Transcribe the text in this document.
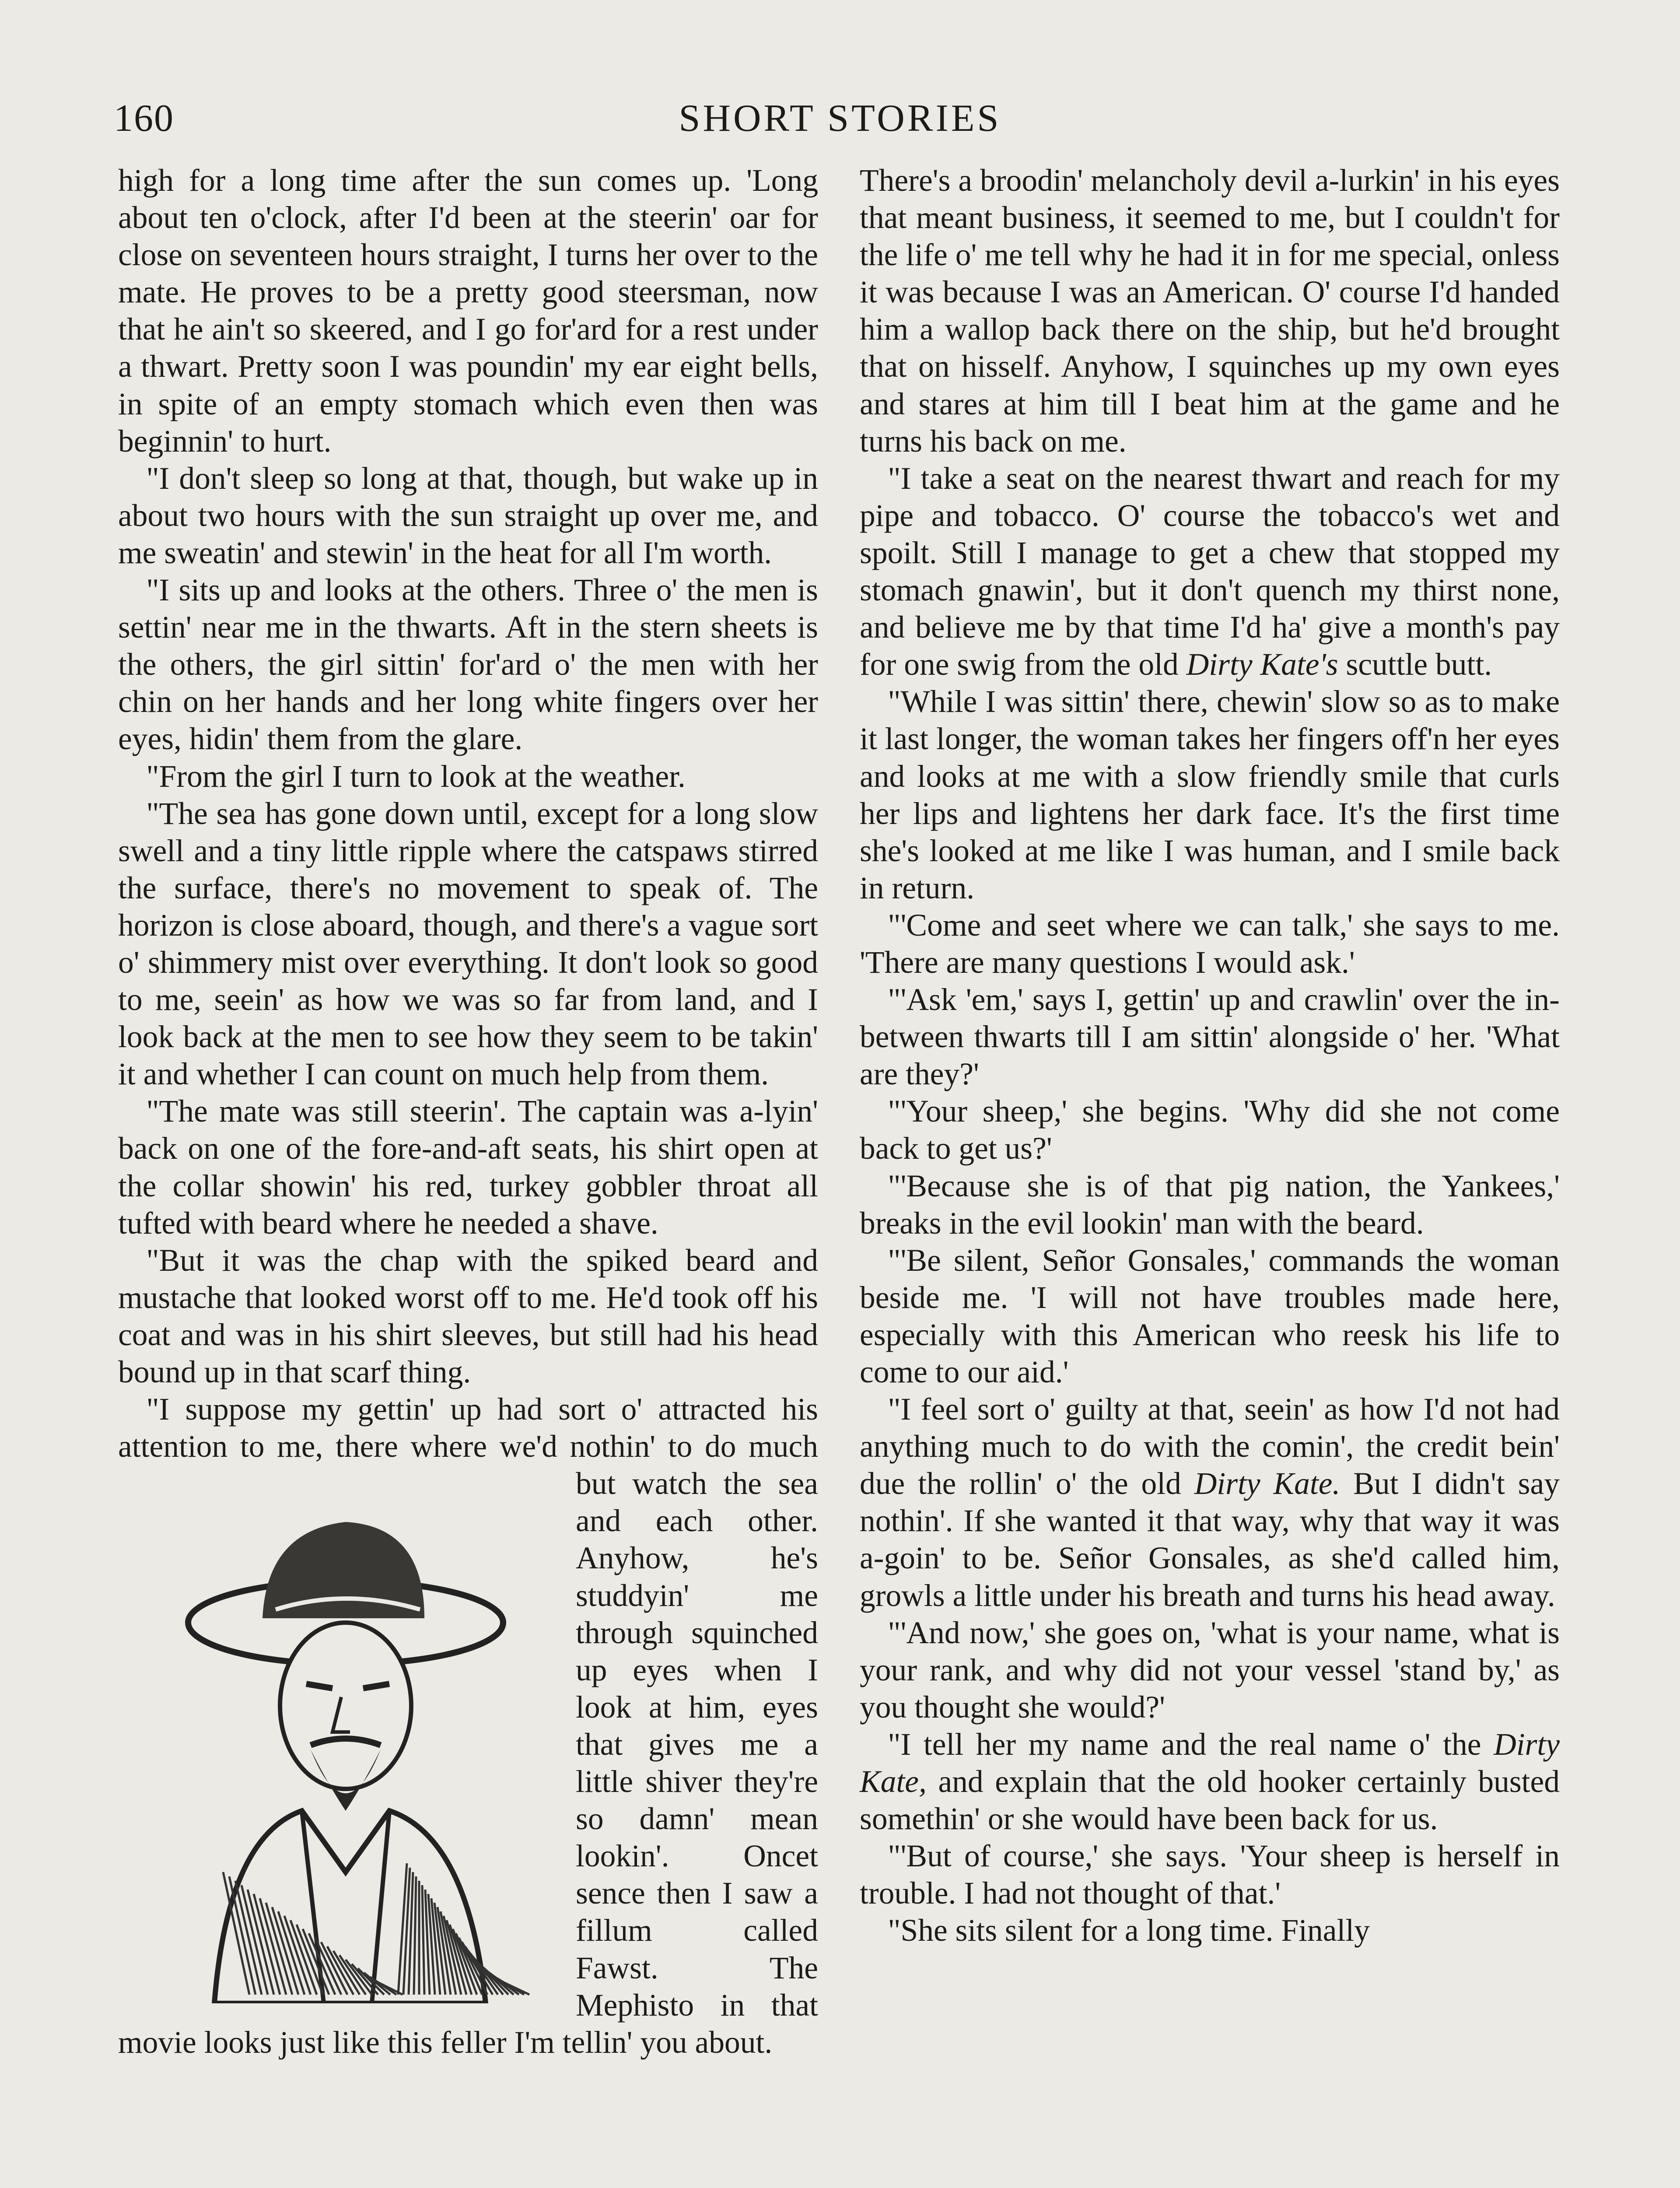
160	SHORT STORIES

high for a long time after the sun comes up. 'Long about ten o'clock, after I'd been at the steerin' oar for close on seventeen hours straight, I turns her over to the mate. He proves to be a pretty good steersman, now that he ain't so skeered, and I go for'ard for a rest under a thwart. Pretty soon I was poundin' my ear eight bells, in spite of an empty stomach which even then was beginnin' to hurt.

"I don't sleep so long at that, though, but wake up in about two hours with the sun straight up over me, and me sweatin' and stewin' in the heat for all I'm worth.

"I sits up and looks at the others. Three o' the men is settin' near me in the thwarts. Aft in the stern sheets is the others, the girl sittin' for'ard o' the men with her chin on her hands and her long white fingers over her eyes, hidin' them from the glare.

"From the girl I turn to look at the weather.

"The sea has gone down until, except for a long slow swell and a tiny little ripple where the catspaws stirred the surface, there's no movement to speak of. The horizon is close aboard, though, and there's a vague sort o' shimmery mist over everything. It don't look so good to me, seein' as how we was so far from land, and I look back at the men to see how they seem to be takin' it and whether I can count on much help from them.

"The mate was still steerin'. The captain was a-lyin' back on one of the fore-and-aft seats, his shirt open at the collar showin' his red, turkey gobbler throat all tufted with beard where he needed a shave.

"But it was the chap with the spiked beard and mustache that looked worst off to me. He'd took off his coat and was in his shirt sleeves, but still had his head bound up in that scarf thing.

"I suppose my gettin' up had sort o' attracted his attention to me, there where
we'd nothin' to do much but watch the sea and each other. Anyhow, he's studdyin' me through squinched up eyes when I look at him, eyes that gives me a little shiver they're so damn' mean lookin'. Oncet sence then I saw a fillum called Fawst. The Mephisto in that movie looks just like this feller I'm tellin' you about.

There's a broodin' melancholy devil a-lurkin' in his eyes that meant business, it seemed to me, but I couldn't for the life o' me tell why he had it in for me special, onless it was because I was an American. O' course I'd handed him a wallop back there on the ship, but he'd brought that on hisself. Anyhow, I squinches up my own eyes and stares at him till I beat him at the game and he turns his back on me.

"I take a seat on the nearest thwart and reach for my pipe and tobacco. O' course the tobacco's wet and spoilt. Still I manage to get a chew that stopped my stomach gnawin', but it don't quench my thirst none, and believe me by that time I'd ha' give a month's pay for one swig from the old Dirty Kate's scuttle butt.

"While I was sittin' there, chewin' slow so as to make it last longer, the woman takes her fingers off'n her eyes and looks at me with a slow friendly smile that curls her lips and lightens her dark face. It's the first time she's looked at me like I was human, and I smile back in return.

"'Come and seet where we can talk,' she says to me. 'There are many questions I would ask.'

"'Ask 'em,' says I, gettin' up and crawlin' over the in-between thwarts till I am sittin' alongside o' her. 'What are they?'

"'Your sheep,' she begins. 'Why did she not come back to get us?'

"'Because she is of that pig nation, the Yankees,' breaks in the evil lookin' man with the beard.

"'Be silent, Señor Gonsales,' commands the woman beside me. 'I will not have troubles made here, especially with this American who reesk his life to come to our aid.'

"I feel sort o' guilty at that, seein' as how I'd not had anything much to do with the comin', the credit bein' due the rollin' o' the old Dirty Kate. But I didn't say nothin'. If she wanted it that way, why that way it was a-goin' to be. Señor Gonsales, as she'd called him, growls a little under his breath and turns his head away.

"'And now,' she goes on, 'what is your name, what is your rank, and why did not your vessel 'stand by,' as you thought she would?'

"I tell her my name and the real name o' the Dirty Kate, and explain that the old hooker certainly busted somethin' or she would have been back for us.

"'But of course,' she says. 'Your sheep is herself in trouble. I had not thought of that.'

"She sits silent for a long time. Finally
